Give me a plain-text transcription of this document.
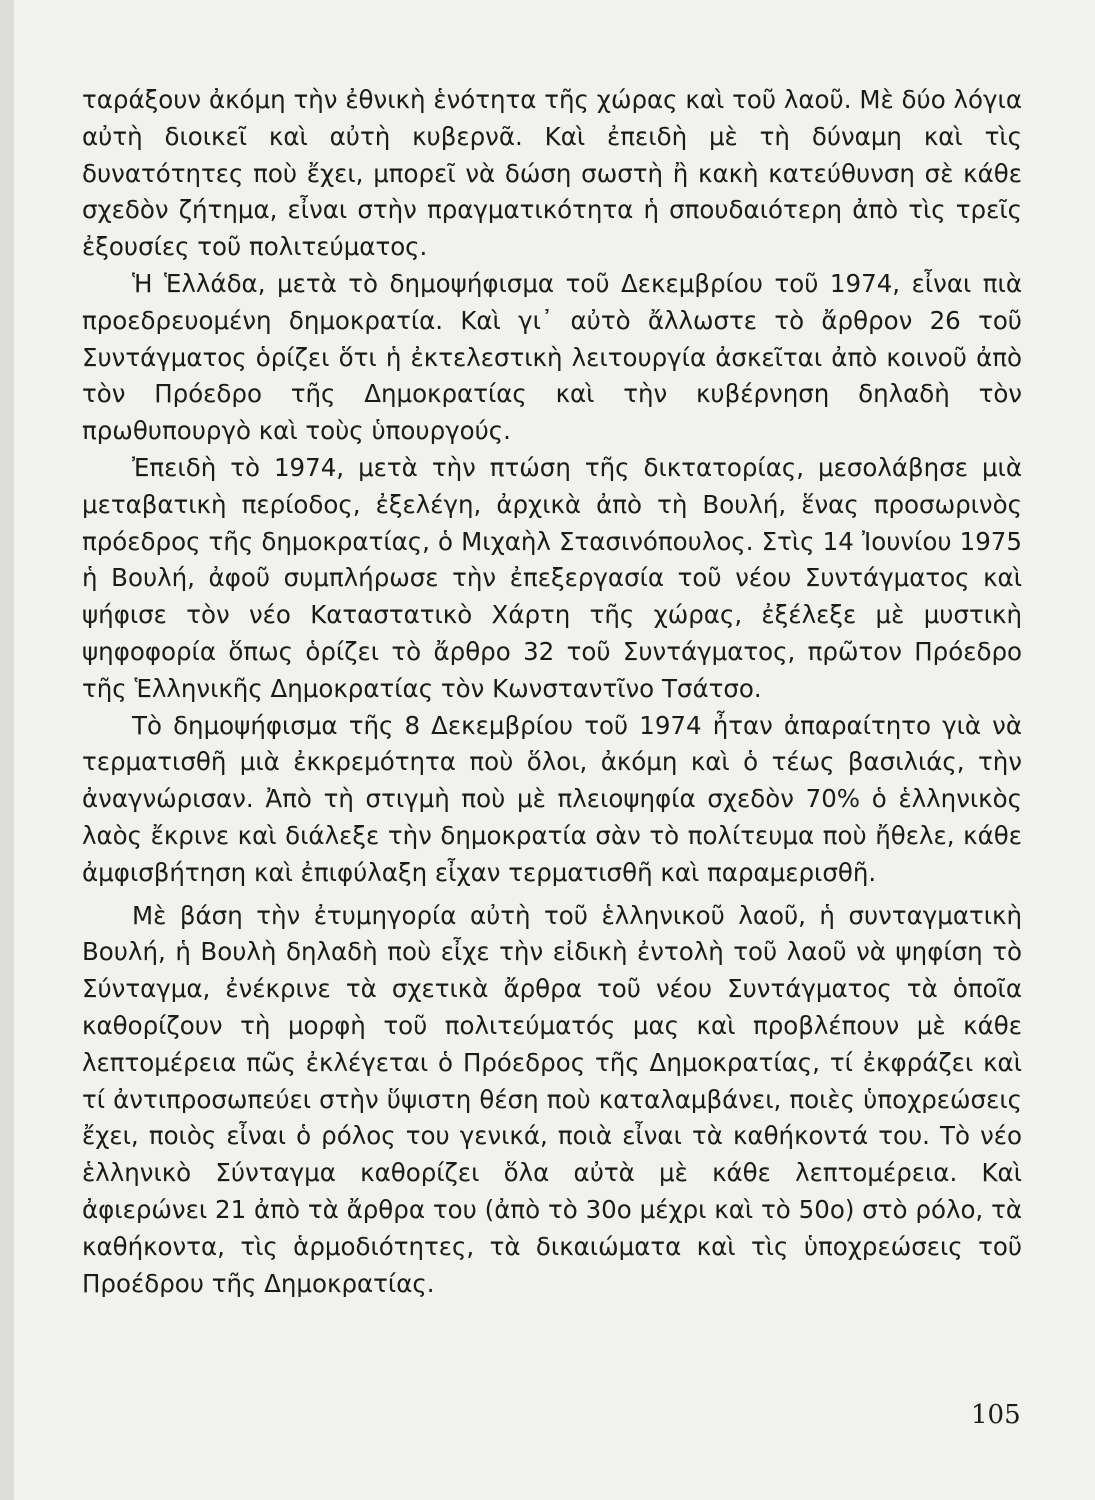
ταράξουν ἀκόμη τὴν ἐθνικὴ ἑνότητα τῆς χώρας καὶ τοῦ λαοῦ. Μὲ δύο λόγια αὐτὴ διοικεῖ καὶ αὐτὴ κυβερνᾶ. Καὶ ἐπειδὴ μὲ τὴ δύναμη καὶ τὶς δυνατότητες ποὺ ἔχει, μπορεῖ νὰ δώση σωστὴ ἢ κακὴ κατεύθυνση σὲ κάθε σχεδὸν ζήτημα, εἶναι στὴν πραγματικότητα ἡ σπουδαιότερη ἀπὸ τὶς τρεῖς ἐξουσίες τοῦ πολιτεύματος.

Ἡ Ἑλλάδα, μετὰ τὸ δημοψήφισμα τοῦ Δεκεμβρίου τοῦ 1974, εἶναι πιὰ προεδρευομένη δημοκρατία. Καὶ γι᾽ αὐτὸ ἄλλωστε τὸ ἄρθρον 26 τοῦ Συντάγματος ὁρίζει ὅτι ἡ ἐκτελεστικὴ λειτουργία ἀσκεῖται ἀπὸ κοινοῦ ἀπὸ τὸν Πρόεδρο τῆς Δημοκρατίας καὶ τὴν κυβέρνηση δηλαδὴ τὸν πρωθυπουργὸ καὶ τοὺς ὑπουργούς.

Ἐπειδὴ τὸ 1974, μετὰ τὴν πτώση τῆς δικτατορίας, μεσολάβησε μιὰ μεταβατικὴ περίοδος, ἐξελέγη, ἀρχικὰ ἀπὸ τὴ Βουλή, ἕνας προσωρινὸς πρόεδρος τῆς δημοκρατίας, ὁ Μιχαὴλ Στασινόπουλος. Στὶς 14 Ἰουνίου 1975 ἡ Βουλή, ἀφοῦ συμπλήρωσε τὴν ἐπεξεργασία τοῦ νέου Συντάγματος καὶ ψήφισε τὸν νέο Καταστατικὸ Χάρτη τῆς χώρας, ἐξέλεξε μὲ μυστικὴ ψηφοφορία ὅπως ὁρίζει τὸ ἄρθρο 32 τοῦ Συντάγματος, πρῶτον Πρόεδρο τῆς Ἑλληνικῆς Δημοκρατίας τὸν Κωνσταντῖνο Τσάτσο.

Τὸ δημοψήφισμα τῆς 8 Δεκεμβρίου τοῦ 1974 ἦταν ἀπαραίτητο γιὰ νὰ τερματισθῆ μιὰ ἐκκρεμότητα ποὺ ὅλοι, ἀκόμη καὶ ὁ τέως βασιλιάς, τὴν ἀναγνώρισαν. Ἀπὸ τὴ στιγμὴ ποὺ μὲ πλειοψηφία σχεδὸν 70% ὁ ἑλληνικὸς λαὸς ἔκρινε καὶ διάλεξε τὴν δημοκρατία σὰν τὸ πολίτευμα ποὺ ἤθελε, κάθε ἀμφισβήτηση καὶ ἐπιφύλαξη εἶχαν τερματισθῆ καὶ παραμερισθῆ.

Μὲ βάση τὴν ἐτυμηγορία αὐτὴ τοῦ ἑλληνικοῦ λαοῦ, ἡ συνταγματικὴ Βουλή, ἡ Βουλὴ δηλαδὴ ποὺ εἶχε τὴν εἰδικὴ ἐντολὴ τοῦ λαοῦ νὰ ψηφίση τὸ Σύνταγμα, ἐνέκρινε τὰ σχετικὰ ἄρθρα τοῦ νέου Συντάγματος τὰ ὁποῖα καθορίζουν τὴ μορφὴ τοῦ πολιτεύματός μας καὶ προβλέπουν μὲ κάθε λεπτομέρεια πῶς ἐκλέγεται ὁ Πρόεδρος τῆς Δημοκρατίας, τί ἐκφράζει καὶ τί ἀντιπροσωπεύει στὴν ὕψιστη θέση ποὺ καταλαμβάνει, ποιὲς ὑποχρεώσεις ἔχει, ποιὸς εἶναι ὁ ρόλος του γενικά, ποιὰ εἶναι τὰ καθήκοντά του. Τὸ νέο ἑλληνικὸ Σύνταγμα καθορίζει ὅλα αὐτὰ μὲ κάθε λεπτομέρεια. Καὶ ἀφιερώνει 21 ἀπὸ τὰ ἄρθρα του (ἀπὸ τὸ 30ο μέχρι καὶ τὸ 50ο) στὸ ρόλο, τὰ καθήκοντα, τὶς ἁρμοδιότητες, τὰ δικαιώματα καὶ τὶς ὑποχρεώσεις τοῦ Προέδρου τῆς Δημοκρατίας.

105
